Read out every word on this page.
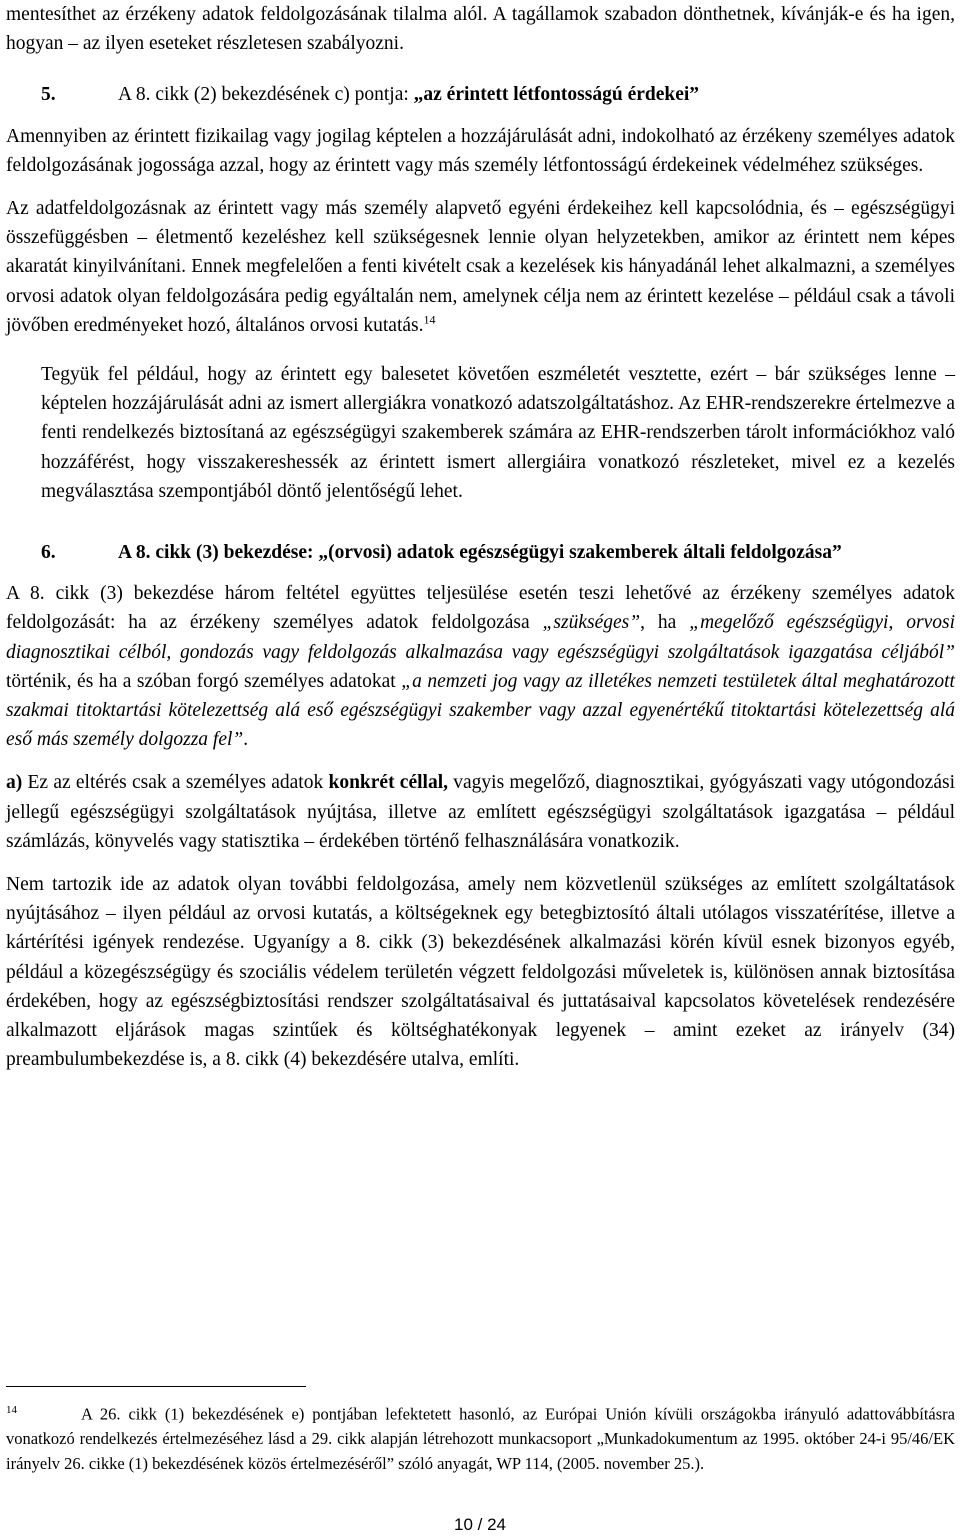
mentesíthet az érzékeny adatok feldolgozásának tilalma alól. A tagállamok szabadon dönthetnek, kívánják-e és ha igen, hogyan – az ilyen eseteket részletesen szabályozni.

5.	A 8. cikk (2) bekezdésének c) pontja: „az érintett létfontosságú érdekei”

Amennyiben az érintett fizikailag vagy jogilag képtelen a hozzájárulását adni, indokolható az érzékeny személyes adatok feldolgozásának jogossága azzal, hogy az érintett vagy más személy létfontosságú érdekeinek védelméhez szükséges.

Az adatfeldolgozásnak az érintett vagy más személy alapvető egyéni érdekeihez kell kapcsolódnia, és – egészségügyi összefüggésben – életmentő kezeléshez kell szükségesnek lennie olyan helyzetekben, amikor az érintett nem képes akaratát kinyilvánítani. Ennek megfelelően a fenti kivételt csak a kezelések kis hányadánál lehet alkalmazni, a személyes orvosi adatok olyan feldolgozására pedig egyáltalán nem, amelynek célja nem az érintett kezelése – például csak a távoli jövőben eredményeket hozó, általános orvosi kutatás.$^{14}$

Tegyük fel például, hogy az érintett egy balesetet követően eszméletét vesztette, ezért – bár szükséges lenne – képtelen hozzájárulását adni az ismert allergiákra vonatkozó adatszolgáltatáshoz. Az EHR-rendszerekre értelmezve a fenti rendelkezés biztosítaná az egészségügyi szakemberek számára az EHR-rendszerben tárolt információkhoz való hozzáférést, hogy visszakereshessék az érintett ismert allergiáira vonatkozó részleteket, mivel ez a kezelés megválasztása szempontjából döntő jelentőségű lehet.

6.	A 8. cikk (3) bekezdése: „(orvosi) adatok egészségügyi szakemberek általi feldolgozása”

A 8. cikk (3) bekezdése három feltétel együttes teljesülése esetén teszi lehetővé az érzékeny személyes adatok feldolgozását: ha az érzékeny személyes adatok feldolgozása „szükséges”, ha „megelőző egészségügyi, orvosi diagnosztikai célból, gondozás vagy feldolgozás alkalmazása vagy egészségügyi szolgáltatások igazgatása céljából” történik, és ha a szóban forgó személyes adatokat „a nemzeti jog vagy az illetékes nemzeti testületek által meghatározott szakmai titoktartási kötelezettség alá eső egészségügyi szakember vagy azzal egyenértékű titoktartási kötelezettség alá eső más személy dolgozza fel”.

a) Ez az eltérés csak a személyes adatok konkrét céllal, vagyis megelőző, diagnosztikai, gyógyászati vagy utógondozási jellegű egészségügyi szolgáltatások nyújtása, illetve az említett egészségügyi szolgáltatások igazgatása – például számlázás, könyvelés vagy statisztika – érdekében történő felhasználására vonatkozik.

Nem tartozik ide az adatok olyan további feldolgozása, amely nem közvetlenül szükséges az említett szolgáltatások nyújtásához – ilyen például az orvosi kutatás, a költségeknek egy betegbiztosító általi utólagos visszatérítése, illetve a kártérítési igények rendezése. Ugyanígy a 8. cikk (3) bekezdésének alkalmazási körén kívül esnek bizonyos egyéb, például a közegészségügy és szociális védelem területén végzett feldolgozási műveletek is, különösen annak biztosítása érdekében, hogy az egészségbiztosítási rendszer szolgáltatásaival és juttatásaival kapcsolatos követelések rendezésére alkalmazott eljárások magas szintűek és költséghatékonyak legyenek – amint ezeket az irányelv (34) preambulumbekezdése is, a 8. cikk (4) bekezdésére utalva, említi.

$^{14}$	A 26. cikk (1) bekezdésének e) pontjában lefektetett hasonló, az Európai Unión kívüli országokba irányuló adattovábbításra vonatkozó rendelkezés értelmezéséhez lásd a 29. cikk alapján létrehozott munkacsoport „Munkadokumentum az 1995. október 24-i 95/46/EK irányelv 26. cikke (1) bekezdésének közös értelmezéséről” szóló anyagát, WP 114, (2005. november 25.).
10 / 24
